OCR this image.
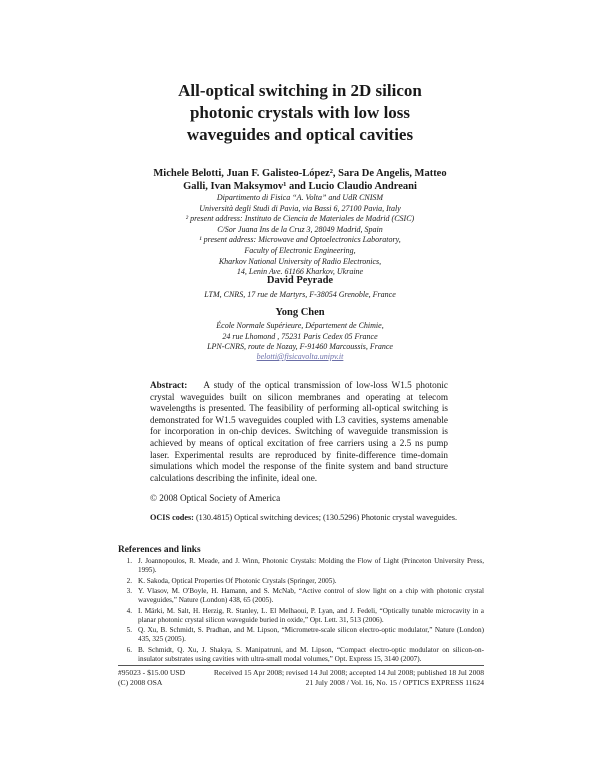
All-optical switching in 2D silicon
photonic crystals with low loss
waveguides and optical cavities
Michele Belotti, Juan F. Galisteo-López², Sara De Angelis, Matteo
Galli, Ivan Maksymov¹ and Lucio Claudio Andreani
Dipartimento di Fisica “A. Volta” and UdR CNISM
Università degli Studi di Pavia, via Bassi 6, 27100 Pavia, Italy
² present address: Instituto de Ciencia de Materiales de Madrid (CSIC)
C/Sor Juana Ins de la Cruz 3, 28049 Madrid, Spain
¹ present address: Microwave and Optoelectronics Laboratory,
Faculty of Electronic Engineering,
Kharkov National University of Radio Electronics,
14, Lenin Ave. 61166 Kharkov, Ukraine
David Peyrade
LTM, CNRS, 17 rue de Martyrs, F-38054 Grenoble, France
Yong Chen
École Normale Supérieure, Département de Chimie,
24 rue Lhomond , 75231 Paris Cedex 05 France
LPN-CNRS, route de Nozay, F-91460 Marcoussis, France
belotti@fisicavolta.unipv.it
Abstract: A study of the optical transmission of low-loss W1.5 photonic crystal waveguides built on silicon membranes and operating at telecom wavelengths is presented. The feasibility of performing all-optical switching is demonstrated for W1.5 waveguides coupled with L3 cavities, systems amenable for incorporation in on-chip devices. Switching of waveguide transmission is achieved by means of optical excitation of free carriers using a 2.5 ns pump laser. Experimental results are reproduced by finite-difference time-domain simulations which model the response of the finite system and band structure calculations describing the infinite, ideal one.
© 2008 Optical Society of America
OCIS codes: (130.4815) Optical switching devices; (130.5296) Photonic crystal waveguides.
References and links
1. J. Joannopoulos, R. Meade, and J. Winn, Photonic Crystals: Molding the Flow of Light (Princeton University Press, 1995).
2. K. Sakoda, Optical Properties Of Photonic Crystals (Springer, 2005).
3. Y. Vlasov, M. O'Boyle, H. Hamann, and S. McNab, “Active control of slow light on a chip with photonic crystal waveguides,” Nature (London) 438, 65 (2005).
4. I. Märki, M. Salt, H. Herzig, R. Stanley, L. El Melhaoui, P. Lyan, and J. Fedeli, “Optically tunable microcavity in a planar photonic crystal silicon waveguide buried in oxide,” Opt. Lett. 31, 513 (2006).
5. Q. Xu, B. Schmidt, S. Pradhan, and M. Lipson, “Micrometre-scale silicon electro-optic modulator,” Nature (London) 435, 325 (2005).
6. B. Schmidt, Q. Xu, J. Shakya, S. Manipatruni, and M. Lipson, “Compact electro-optic modulator on silicon-on-insulator substrates using cavities with ultra-small modal volumes,” Opt. Express 15, 3140 (2007).
#95023 - $15.00 USD
(C) 2008 OSA
Received 15 Apr 2008; revised 14 Jul 2008; accepted 14 Jul 2008; published 18 Jul 2008
21 July 2008 / Vol. 16, No. 15 / OPTICS EXPRESS 11624
